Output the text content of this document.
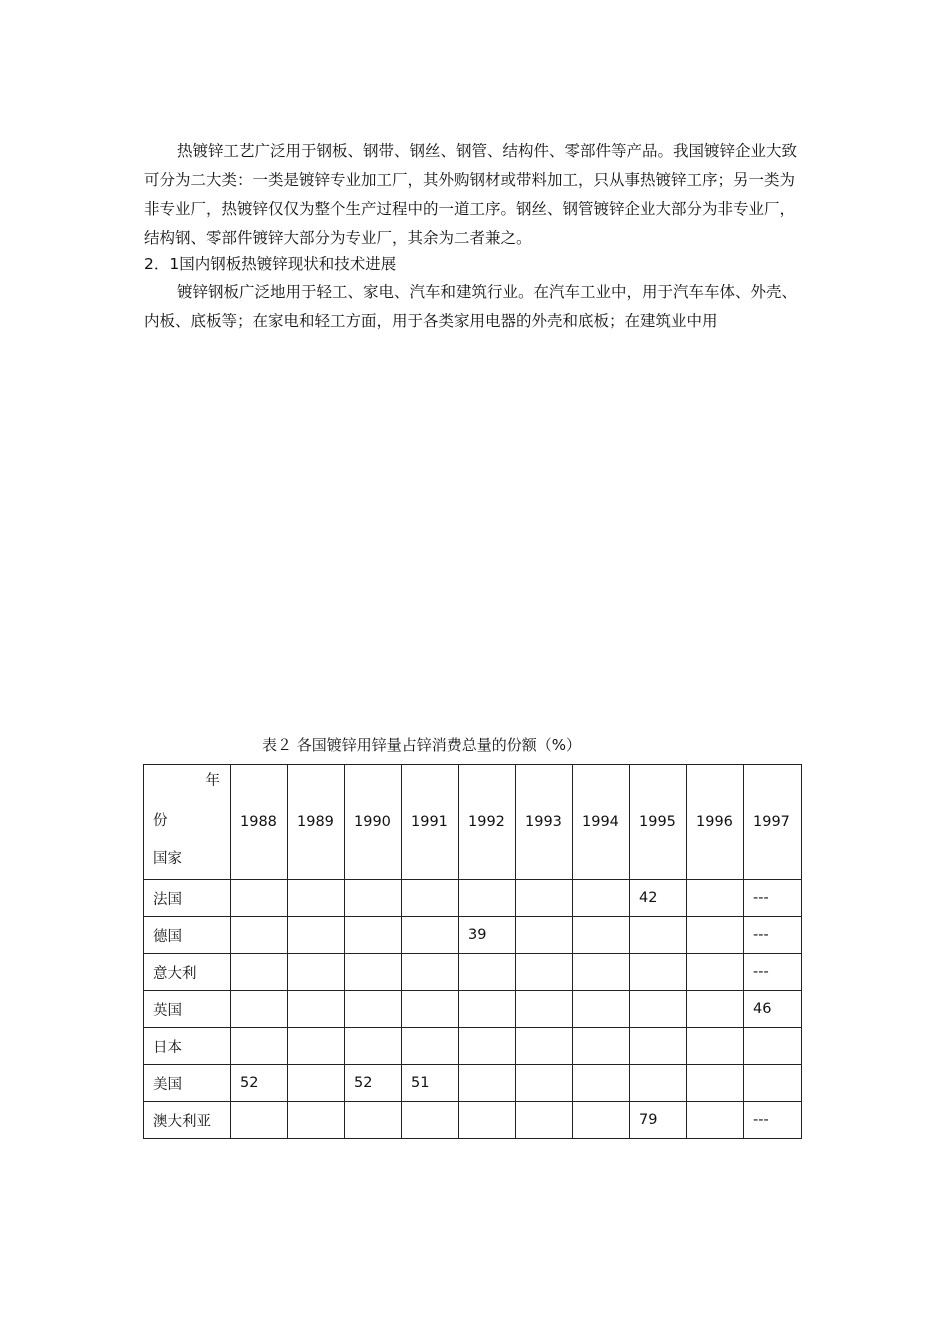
热镀锌工艺广泛用于钢板、钢带、钢丝、钢管、结构件、零部件等产品。我国镀锌企业大致可分为二大类：一类是镀锌专业加工厂，其外购钢材或带料加工，只从事热镀锌工序；另一类为非专业厂，热镀锌仅仅为整个生产过程中的一道工序。钢丝、钢管镀锌企业大部分为非专业厂，结构钢、零部件镀锌大部分为专业厂，其余为二者兼之。

2．1国内钢板热镀锌现状和技术进展

镀锌钢板广泛地用于轻工、家电、汽车和建筑行业。在汽车工业中，用于汽车车体、外壳、内板、底板等；在家电和轻工方面，用于各类家用电器的外壳和底板；在建筑业中用

表２ 各国镀锌用锌量占锌消费总量的份额（%）
年
份
国家	1988	1989	1990	1991	1992	1993	1994	1995	1996	1997
法国								42		---
德国					39					---
意大利										---
英国										46
日本										
美国	52		52	51						
澳大利亚								79		---
